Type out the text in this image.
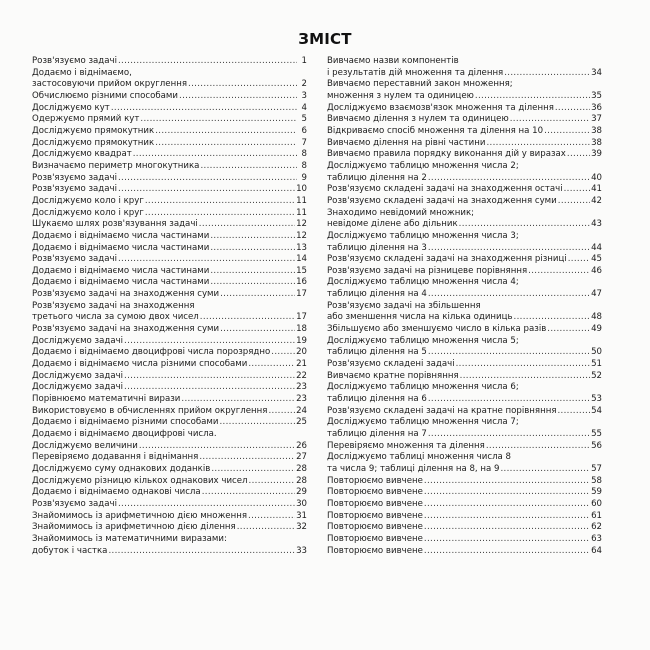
ЗМІСТ
Розв'язуємо задачі . . .	1
Додаємо і віднімаємо,
застосовуючи прийом округлення . . .	2
Обчислюємо різними способами . . .	3
Досліджуємо кут . . .	4
Одержуємо прямий кут . . .	5
Досліджуємо прямокутник . . .	6
Досліджуємо прямокутник . . .	7
Досліджуємо квадрат . . .	8
Визначаємо периметр многокутника . . .	8
Розв'язуємо задачі . . .	9
Розв'язуємо задачі . . .	10
Досліджуємо коло і круг . . .	11
Досліджуємо коло і круг . . .	11
Шукаємо шлях розв'язування задачі . . .	12
Додаємо і віднімаємо числа частинами . . .	12
Додаємо і віднімаємо числа частинами . . .	13
Розв'язуємо задачі . . .	14
Додаємо і віднімаємо числа частинами . . .	15
Додаємо і віднімаємо числа частинами . . .	16
Розв'язуємо задачі на знаходження суми . . .	17
Розв'язуємо задачі на знаходження
третього числа за сумою двох чисел . . .	17
Розв'язуємо задачі на знаходження суми . . .	18
Досліджуємо задачі . . .	19
Додаємо і віднімаємо двоцифрові числа порозрядно . . .	20
Додаємо і віднімаємо числа різними способами . . .	21
Досліджуємо задачі . . .	22
Досліджуємо задачі . . .	23
Порівнюємо математичні вирази . . .	23
Використовуємо в обчисленнях прийом округлення . . .	24
Додаємо і віднімаємо різними способами . . .	25
Додаємо і віднімаємо двоцифрові числа.
Досліджуємо величини . . .	26
Перевіряємо додавання і віднімання . . .	27
Досліджуємо суму однакових доданків . . .	28
Досліджуємо різницю кількох однакових чисел . . .	28
Додаємо і віднімаємо однакові числа . . .	29
Розв'язуємо задачі . . .	30
Знайомимось із арифметичною дією множення . . .	31
Знайомимось із арифметичною дією ділення . . .	32
Знайомимось із математичними виразами:
добуток і частка . . .	33
Вивчаємо назви компонентів
і результатів дій множення та ділення . . .	34
Вивчаємо переставний закон множення;
множення з нулем та одиницею . . .	35
Досліджуємо взаємозв'язок множення та ділення . . .	36
Вивчаємо ділення з нулем та одиницею . . .	37
Відкриваємо спосіб множення та ділення на 10 . . .	38
Вивчаємо ділення на рівні частини . . .	38
Вивчаємо правила порядку виконання дій у виразах . . .	39
Досліджуємо таблицю множення числа 2;
таблицю ділення на 2 . . .	40
Розв'язуємо складені задачі на знаходження остачі . . .	41
Розв'язуємо складені задачі на знаходження суми . . .	42
Знаходимо невідомий множник;
невідоме ділене або дільник . . .	43
Досліджуємо таблицю множення числа 3;
таблицю ділення на 3 . . .	44
Розв'язуємо складені задачі на знаходження різниці . . .	45
Розв'язуємо задачі на різницеве порівняння . . .	46
Досліджуємо таблицю множення числа 4;
таблицю ділення на 4 . . .	47
Розв'язуємо задачі на збільшення
або зменшення числа на кілька одиниць . . .	48
Збільшуємо або зменшуємо число в кілька разів . . .	49
Досліджуємо таблицю множення числа 5;
таблицю ділення на 5 . . .	50
Розв'язуємо складені задачі . . .	51
Вивчаємо кратне порівняння . . .	52
Досліджуємо таблицю множення числа 6;
таблицю ділення на 6 . . .	53
Розв'язуємо складені задачі на кратне порівняння . . .	54
Досліджуємо таблицю множення числа 7;
таблицю ділення на 7 . . .	55
Перевіряємо множення та ділення . . .	56
Досліджуємо таблиці множення числа 8
та числа 9; таблиці ділення на 8, на 9 . . .	57
Повторюємо вивчене . . .	58
Повторюємо вивчене . . .	59
Повторюємо вивчене . . .	60
Повторюємо вивчене . . .	61
Повторюємо вивчене . . .	62
Повторюємо вивчене . . .	63
Повторюємо вивчене . . .	64
